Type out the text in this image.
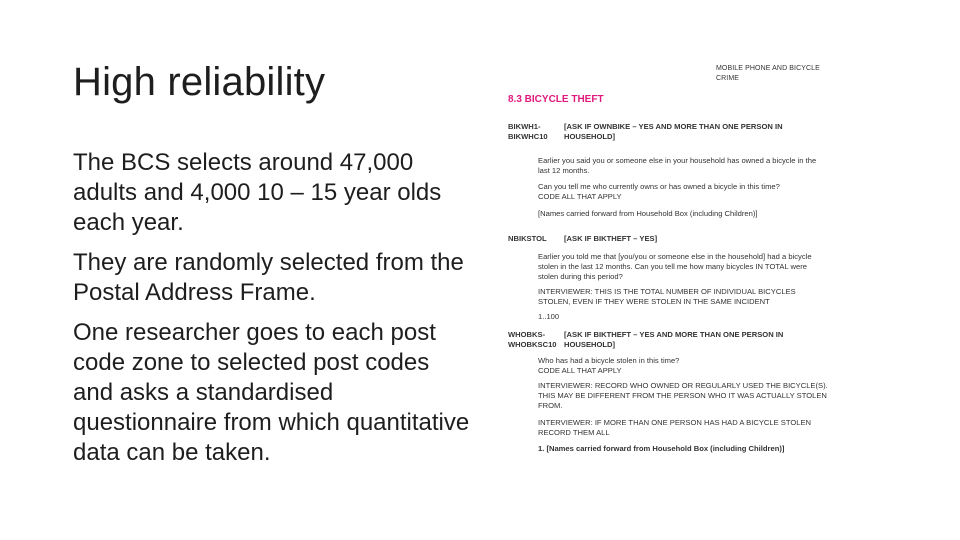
High reliability

The BCS selects around 47,000 adults and 4,000 10 – 15 year olds each year.

They are randomly selected from the Postal Address Frame.

One researcher goes to each post code zone to selected post codes and asks a standardised questionnaire from which quantitative data can be taken.

MOBILE PHONE AND BICYCLE CRIME
8.3 BICYCLE THEFT
BIKWH1-
BIKWHC10
[ASK IF OWNBIKE – YES AND MORE THAN ONE PERSON IN HOUSEHOLD]
Earlier you said you or someone else in your household has owned a bicycle in the last 12 months.
Can you tell me who currently owns or has owned a bicycle in this time?
CODE ALL THAT APPLY
[Names carried forward from Household Box (including Children)]
NBIKSTOL	[ASK IF BIKTHEFT – YES]
Earlier you told me that [you/you or someone else in the household] had a bicycle stolen in the last 12 months. Can you tell me how many bicycles IN TOTAL were stolen during this period?
INTERVIEWER: THIS IS THE TOTAL NUMBER OF INDIVIDUAL BICYCLES STOLEN, EVEN IF THEY WERE STOLEN IN THE SAME INCIDENT
1..100
WHOBKS-
WHOBKSC10
[ASK IF BIKTHEFT – YES AND MORE THAN ONE PERSON IN HOUSEHOLD]
Who has had a bicycle stolen in this time?
CODE ALL THAT APPLY
INTERVIEWER: RECORD WHO OWNED OR REGULARLY USED THE BICYCLE(S). THIS MAY BE DIFFERENT FROM THE PERSON WHO IT WAS ACTUALLY STOLEN FROM.
INTERVIEWER: IF MORE THAN ONE PERSON HAS HAD A BICYCLE STOLEN RECORD THEM ALL
1. [Names carried forward from Household Box (including Children)]
